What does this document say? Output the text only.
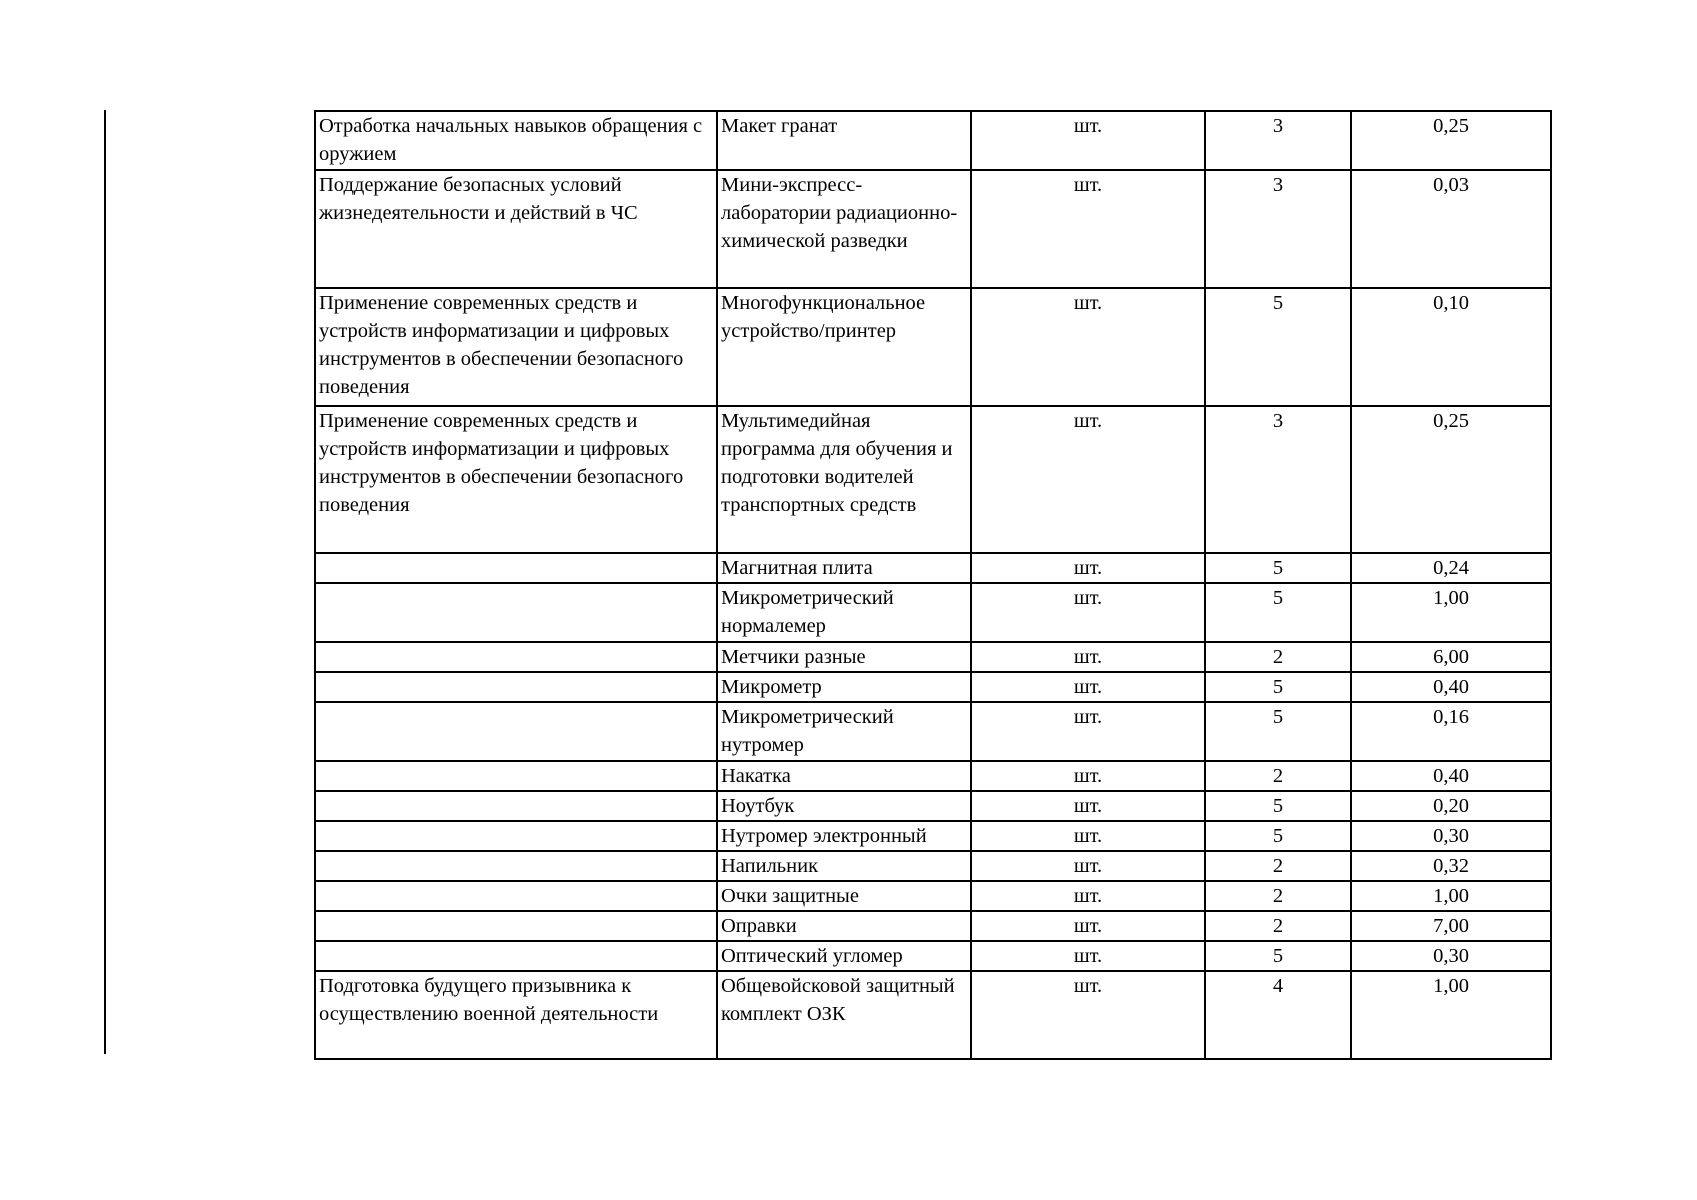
Отработка начальных навыков обращения с оружием	Макет гранат	шт.	3	0,25
Поддержание безопасных условий жизнедеятельности и действий в ЧС	Мини-экспресс-лаборатории радиационно-химической разведки	шт.	3	0,03
Применение современных средств и устройств информатизации и цифровых инструментов в обеспечении безопасного поведения	Многофункциональное устройство/принтер	шт.	5	0,10
Применение современных средств и устройств информатизации и цифровых инструментов в обеспечении безопасного поведения	Мультимедийная программа для обучения и подготовки водителей транспортных средств	шт.	3	0,25
	Магнитная плита	шт.	5	0,24
	Микрометрический нормалемер	шт.	5	1,00
	Метчики разные	шт.	2	6,00
	Микрометр	шт.	5	0,40
	Микрометрический нутромер	шт.	5	0,16
	Накатка	шт.	2	0,40
	Ноутбук	шт.	5	0,20
	Нутромер электронный	шт.	5	0,30
	Напильник	шт.	2	0,32
	Очки защитные	шт.	2	1,00
	Оправки	шт.	2	7,00
	Оптический угломер	шт.	5	0,30
Подготовка будущего призывника к осуществлению военной деятельности	Общевойсковой защитный комплект ОЗК	шт.	4	1,00
